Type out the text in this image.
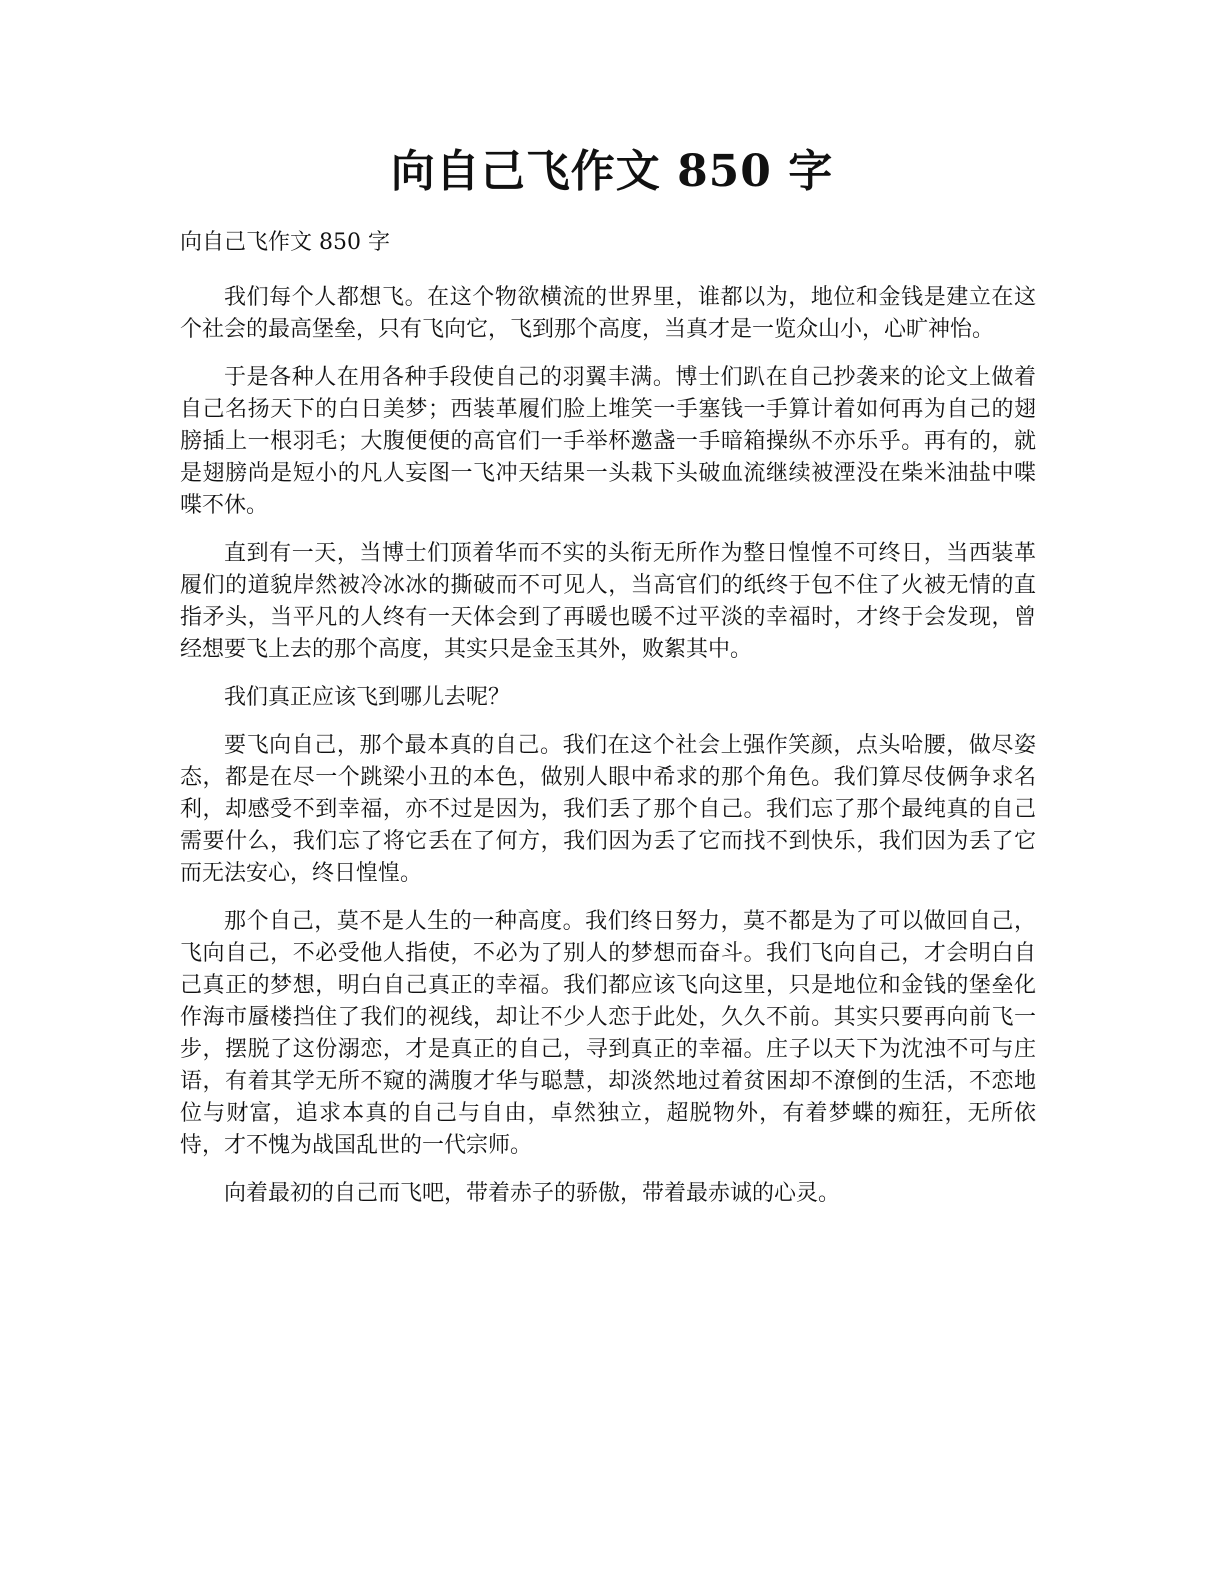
向自己飞作文 850 字

向自己飞作文 850 字

我们每个人都想飞。在这个物欲横流的世界里，谁都以为，地位和金钱是建立在这个社会的最高堡垒，只有飞向它，飞到那个高度，当真才是一览众山小，心旷神怡。

于是各种人在用各种手段使自己的羽翼丰满。博士们趴在自己抄袭来的论文上做着自己名扬天下的白日美梦；西装革履们脸上堆笑一手塞钱一手算计着如何再为自己的翅膀插上一根羽毛；大腹便便的高官们一手举杯邀盏一手暗箱操纵不亦乐乎。再有的，就是翅膀尚是短小的凡人妄图一飞冲天结果一头栽下头破血流继续被湮没在柴米油盐中喋喋不休。

直到有一天，当博士们顶着华而不实的头衔无所作为整日惶惶不可终日，当西装革履们的道貌岸然被冷冰冰的撕破而不可见人，当高官们的纸终于包不住了火被无情的直指矛头，当平凡的人终有一天体会到了再暖也暖不过平淡的幸福时，才终于会发现，曾经想要飞上去的那个高度，其实只是金玉其外，败絮其中。

我们真正应该飞到哪儿去呢？

要飞向自己，那个最本真的自己。我们在这个社会上强作笑颜，点头哈腰，做尽姿态，都是在尽一个跳梁小丑的本色，做别人眼中希求的那个角色。我们算尽伎俩争求名利，却感受不到幸福，亦不过是因为，我们丢了那个自己。我们忘了那个最纯真的自己需要什么，我们忘了将它丢在了何方，我们因为丢了它而找不到快乐，我们因为丢了它而无法安心，终日惶惶。

那个自己，莫不是人生的一种高度。我们终日努力，莫不都是为了可以做回自己，飞向自己，不必受他人指使，不必为了别人的梦想而奋斗。我们飞向自己，才会明白自己真正的梦想，明白自己真正的幸福。我们都应该飞向这里，只是地位和金钱的堡垒化作海市蜃楼挡住了我们的视线，却让不少人恋于此处，久久不前。其实只要再向前飞一步，摆脱了这份溺恋，才是真正的自己，寻到真正的幸福。庄子以天下为沈浊不可与庄语，有着其学无所不窥的满腹才华与聪慧，却淡然地过着贫困却不潦倒的生活，不恋地位与财富，追求本真的自己与自由，卓然独立，超脱物外，有着梦蝶的痴狂，无所依恃，才不愧为战国乱世的一代宗师。

向着最初的自己而飞吧，带着赤子的骄傲，带着最赤诚的心灵。
